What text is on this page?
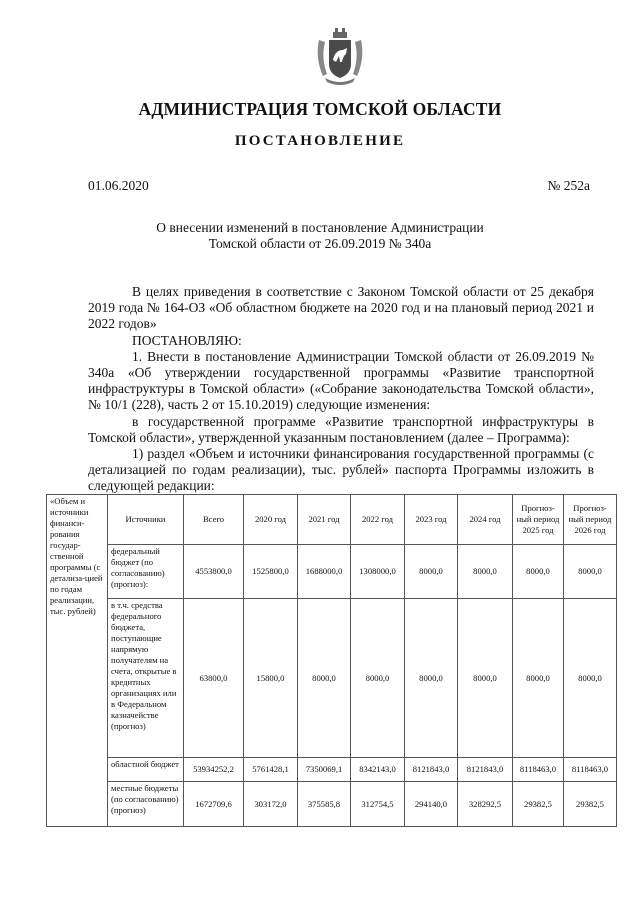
АДМИНИСТРАЦИЯ ТОМСКОЙ ОБЛАСТИ
ПОСТАНОВЛЕНИЕ
01.06.2020	№ 252а
О внесении изменений в постановление Администрации
Томской области от 26.09.2019 № 340а

В целях приведения в соответствие с Законом Томской области от 25 декабря 2019 года № 164-ОЗ «Об областном бюджете на 2020 год и на плановый период 2021 и 2022 годов»

ПОСТАНОВЛЯЮ:

1. Внести в постановление Администрации Томской области от 26.09.2019 № 340а «Об утверждении государственной программы «Развитие транспортной инфраструктуры в Томской области» («Собрание законодательства Томской области», № 10/1 (228), часть 2 от 15.10.2019) следующие изменения:

в государственной программе «Развитие транспортной инфраструктуры в Томской области», утвержденной указанным постановлением (далее – Программа):

1) раздел «Объем и источники финансирования государственной программы (с детализацией по годам реализации), тыс. рублей» паспорта Программы изложить в следующей редакции:

«Объем и источники финанси-рования государ-ственной программы (с детализа-цией по годам реализации, тыс. рублей)	Источники	Всего	2020 год	2021 год	2022 год	2023 год	2024 год	Прогноз-ный период 2025 год	Прогноз-ный период 2026 год
	федеральный бюджет (по согласованию) (прогноз):	4553800,0	1525800,0	1688000,0	1308000,0	8000,0	8000,0	8000,0	8000,0
	в т.ч. средства федерального бюджета, поступающие напрямую получателям на счета, открытые в кредитных организациях или в Федеральном казначействе (прогноз)	63800,0	15800,0	8000,0	8000,0	8000,0	8000,0	8000,0	8000,0
	областной бюджет	53934252,2	5761428,1	7350069,1	8342143,0	8121843,0	8121843,0	8118463,0	8118463,0
	местные бюджеты (по согласованию) (прогноз)	1672709,6	303172,0	375585,8	312754,5	294140,0	328292,5	29382,5	29382,5
